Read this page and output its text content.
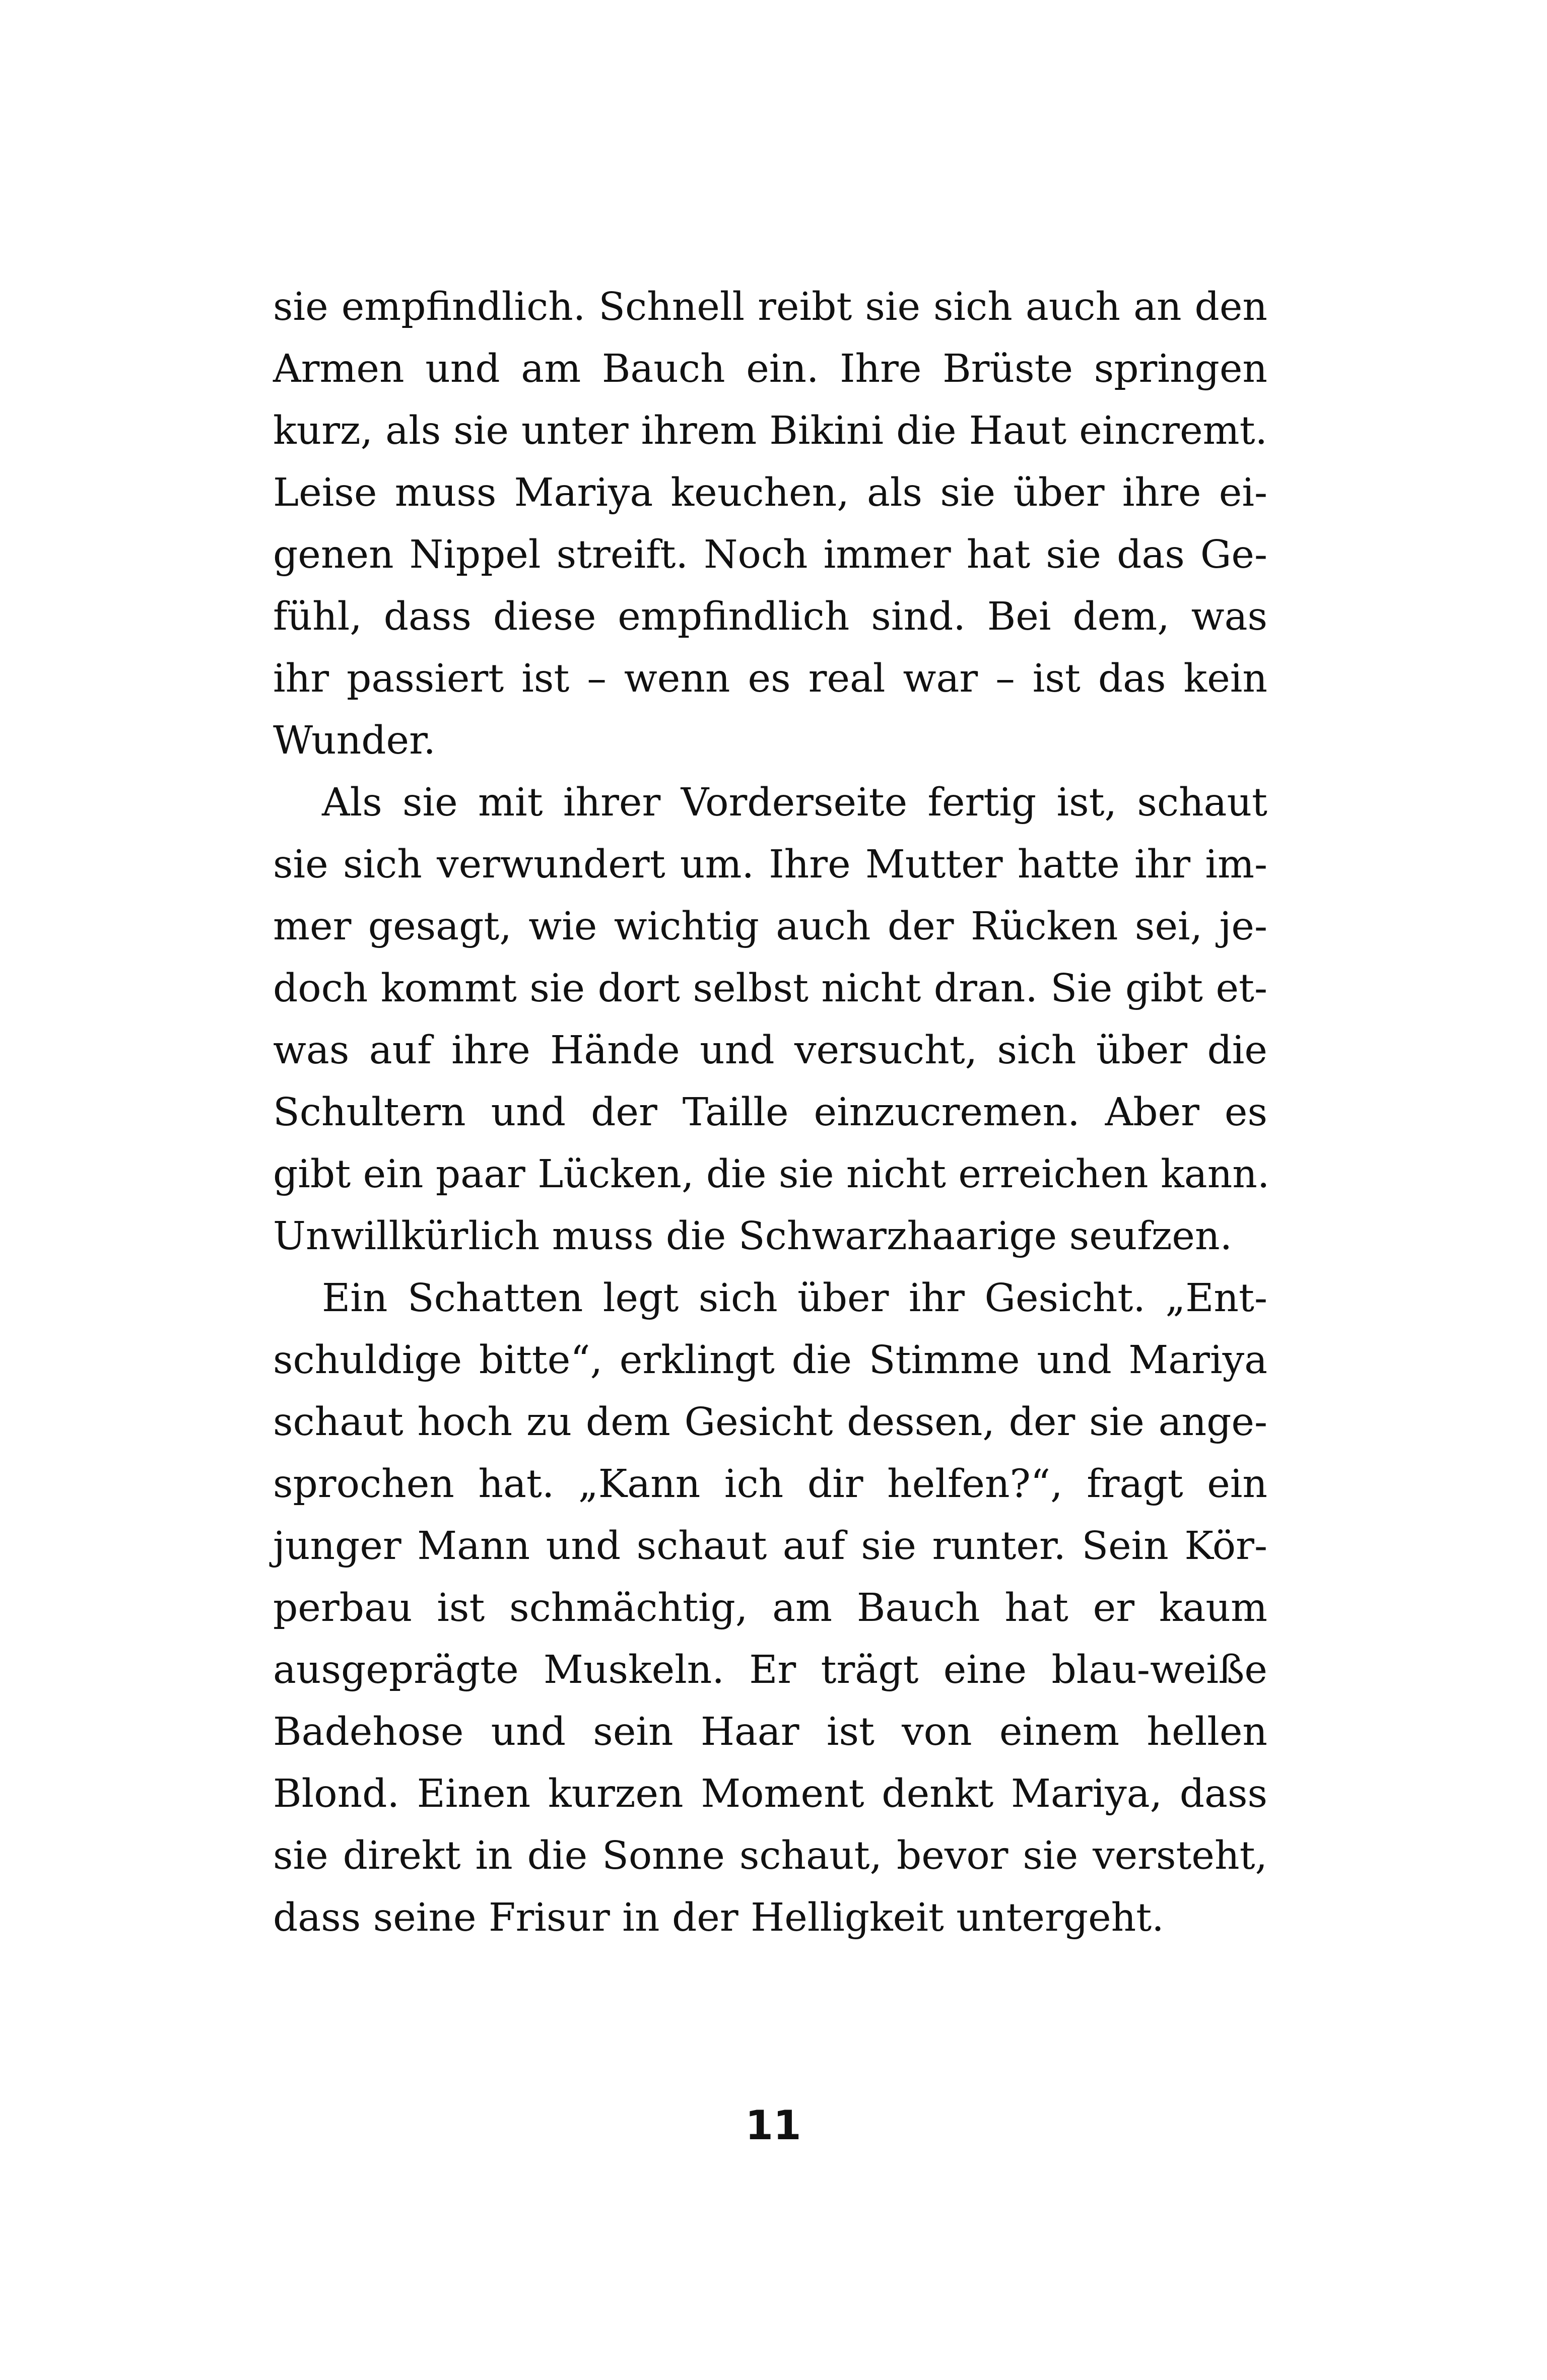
sie empfindlich. Schnell reibt sie sich auch an den
Armen und am Bauch ein. Ihre Brüste springen
kurz, als sie unter ihrem Bikini die Haut eincremt.
Leise muss Mariya keuchen, als sie über ihre ei-
genen Nippel streift. Noch immer hat sie das Ge-
fühl, dass diese empfindlich sind. Bei dem, was
ihr passiert ist – wenn es real war – ist das kein
Wunder.
Als sie mit ihrer Vorderseite fertig ist, schaut
sie sich verwundert um. Ihre Mutter hatte ihr im-
mer gesagt, wie wichtig auch der Rücken sei, je-
doch kommt sie dort selbst nicht dran. Sie gibt et-
was auf ihre Hände und versucht, sich über die
Schultern und der Taille einzucremen. Aber es
gibt ein paar Lücken, die sie nicht erreichen kann.
Unwillkürlich muss die Schwarzhaarige seufzen.
Ein Schatten legt sich über ihr Gesicht. „Ent-
schuldige bitte“, erklingt die Stimme und Mariya
schaut hoch zu dem Gesicht dessen, der sie ange-
sprochen hat. „Kann ich dir helfen?“, fragt ein
junger Mann und schaut auf sie runter. Sein Kör-
perbau ist schmächtig, am Bauch hat er kaum
ausgeprägte Muskeln. Er trägt eine blau-weiße
Badehose und sein Haar ist von einem hellen
Blond. Einen kurzen Moment denkt Mariya, dass
sie direkt in die Sonne schaut, bevor sie versteht,
dass seine Frisur in der Helligkeit untergeht.
11
